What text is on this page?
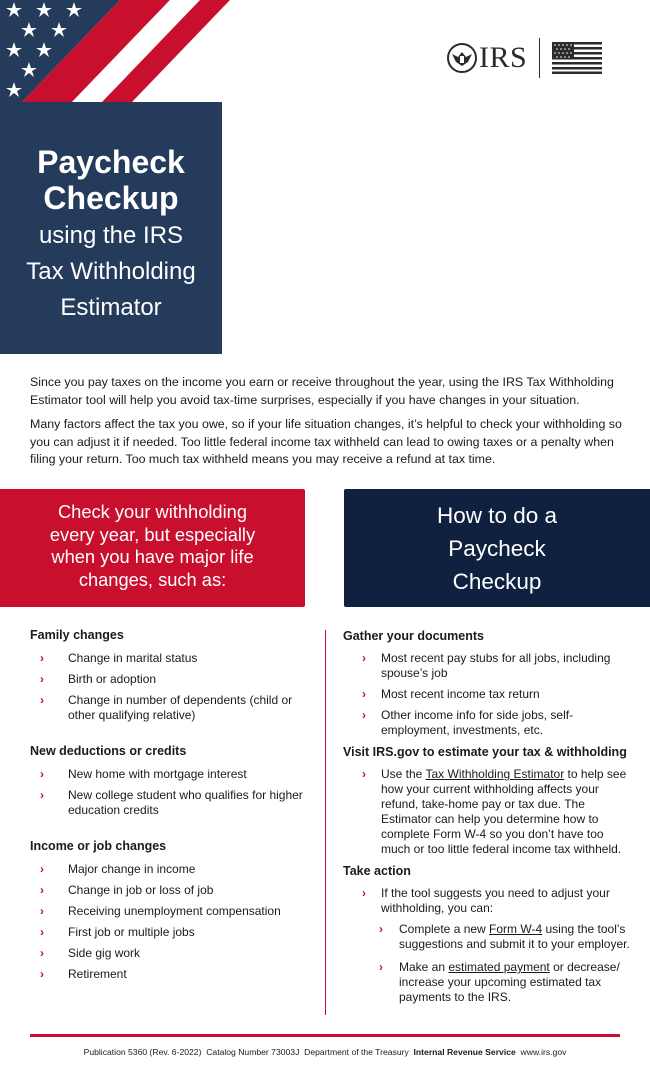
IRS
Paycheck
Checkup
using the IRS
Tax Withholding
Estimator

Since you pay taxes on the income you earn or receive throughout the year, using the IRS Tax Withholding Estimator tool will help you avoid tax-time surprises, especially if you have changes in your situation.

Many factors affect the tax you owe, so if your life situation changes, it’s helpful to check your withholding so you can adjust it if needed. Too little federal income tax withheld can lead to owing taxes or a penalty when filing your return. Too much tax withheld means you may receive a refund at tax time.

Check your withholding
every year, but especially
when you have major life
changes, such as:
How to do a
Paycheck
Checkup
Family changes
› Change in marital status
› Birth or adoption
› Change in number of dependents (child or other qualifying relative)
New deductions or credits
› New home with mortgage interest
› New college student who qualifies for higher education credits
Income or job changes
› Major change in income
› Change in job or loss of job
› Receiving unemployment compensation
› First job or multiple jobs
› Side gig work
› Retirement
Gather your documents
› Most recent pay stubs for all jobs, including spouse’s job
› Most recent income tax return
› Other income info for side jobs, self-employment, investments, etc.
Visit IRS.gov to estimate your tax & withholding
› Use the Tax Withholding Estimator to help see how your current withholding affects your refund, take-home pay or tax due. The Estimator can help you determine how to complete Form W-4 so you don’t have too much or too little federal income tax withheld.
Take action
› If the tool suggests you need to adjust your withholding, you can:
› Complete a new Form W-4 using the tool’s suggestions and submit it to your employer.
› Make an estimated payment or decrease/ increase your upcoming estimated tax payments to the IRS.
Publication 5360 (Rev. 6-2022) Catalog Number 73003J Department of the Treasury Internal Revenue Service www.irs.gov
